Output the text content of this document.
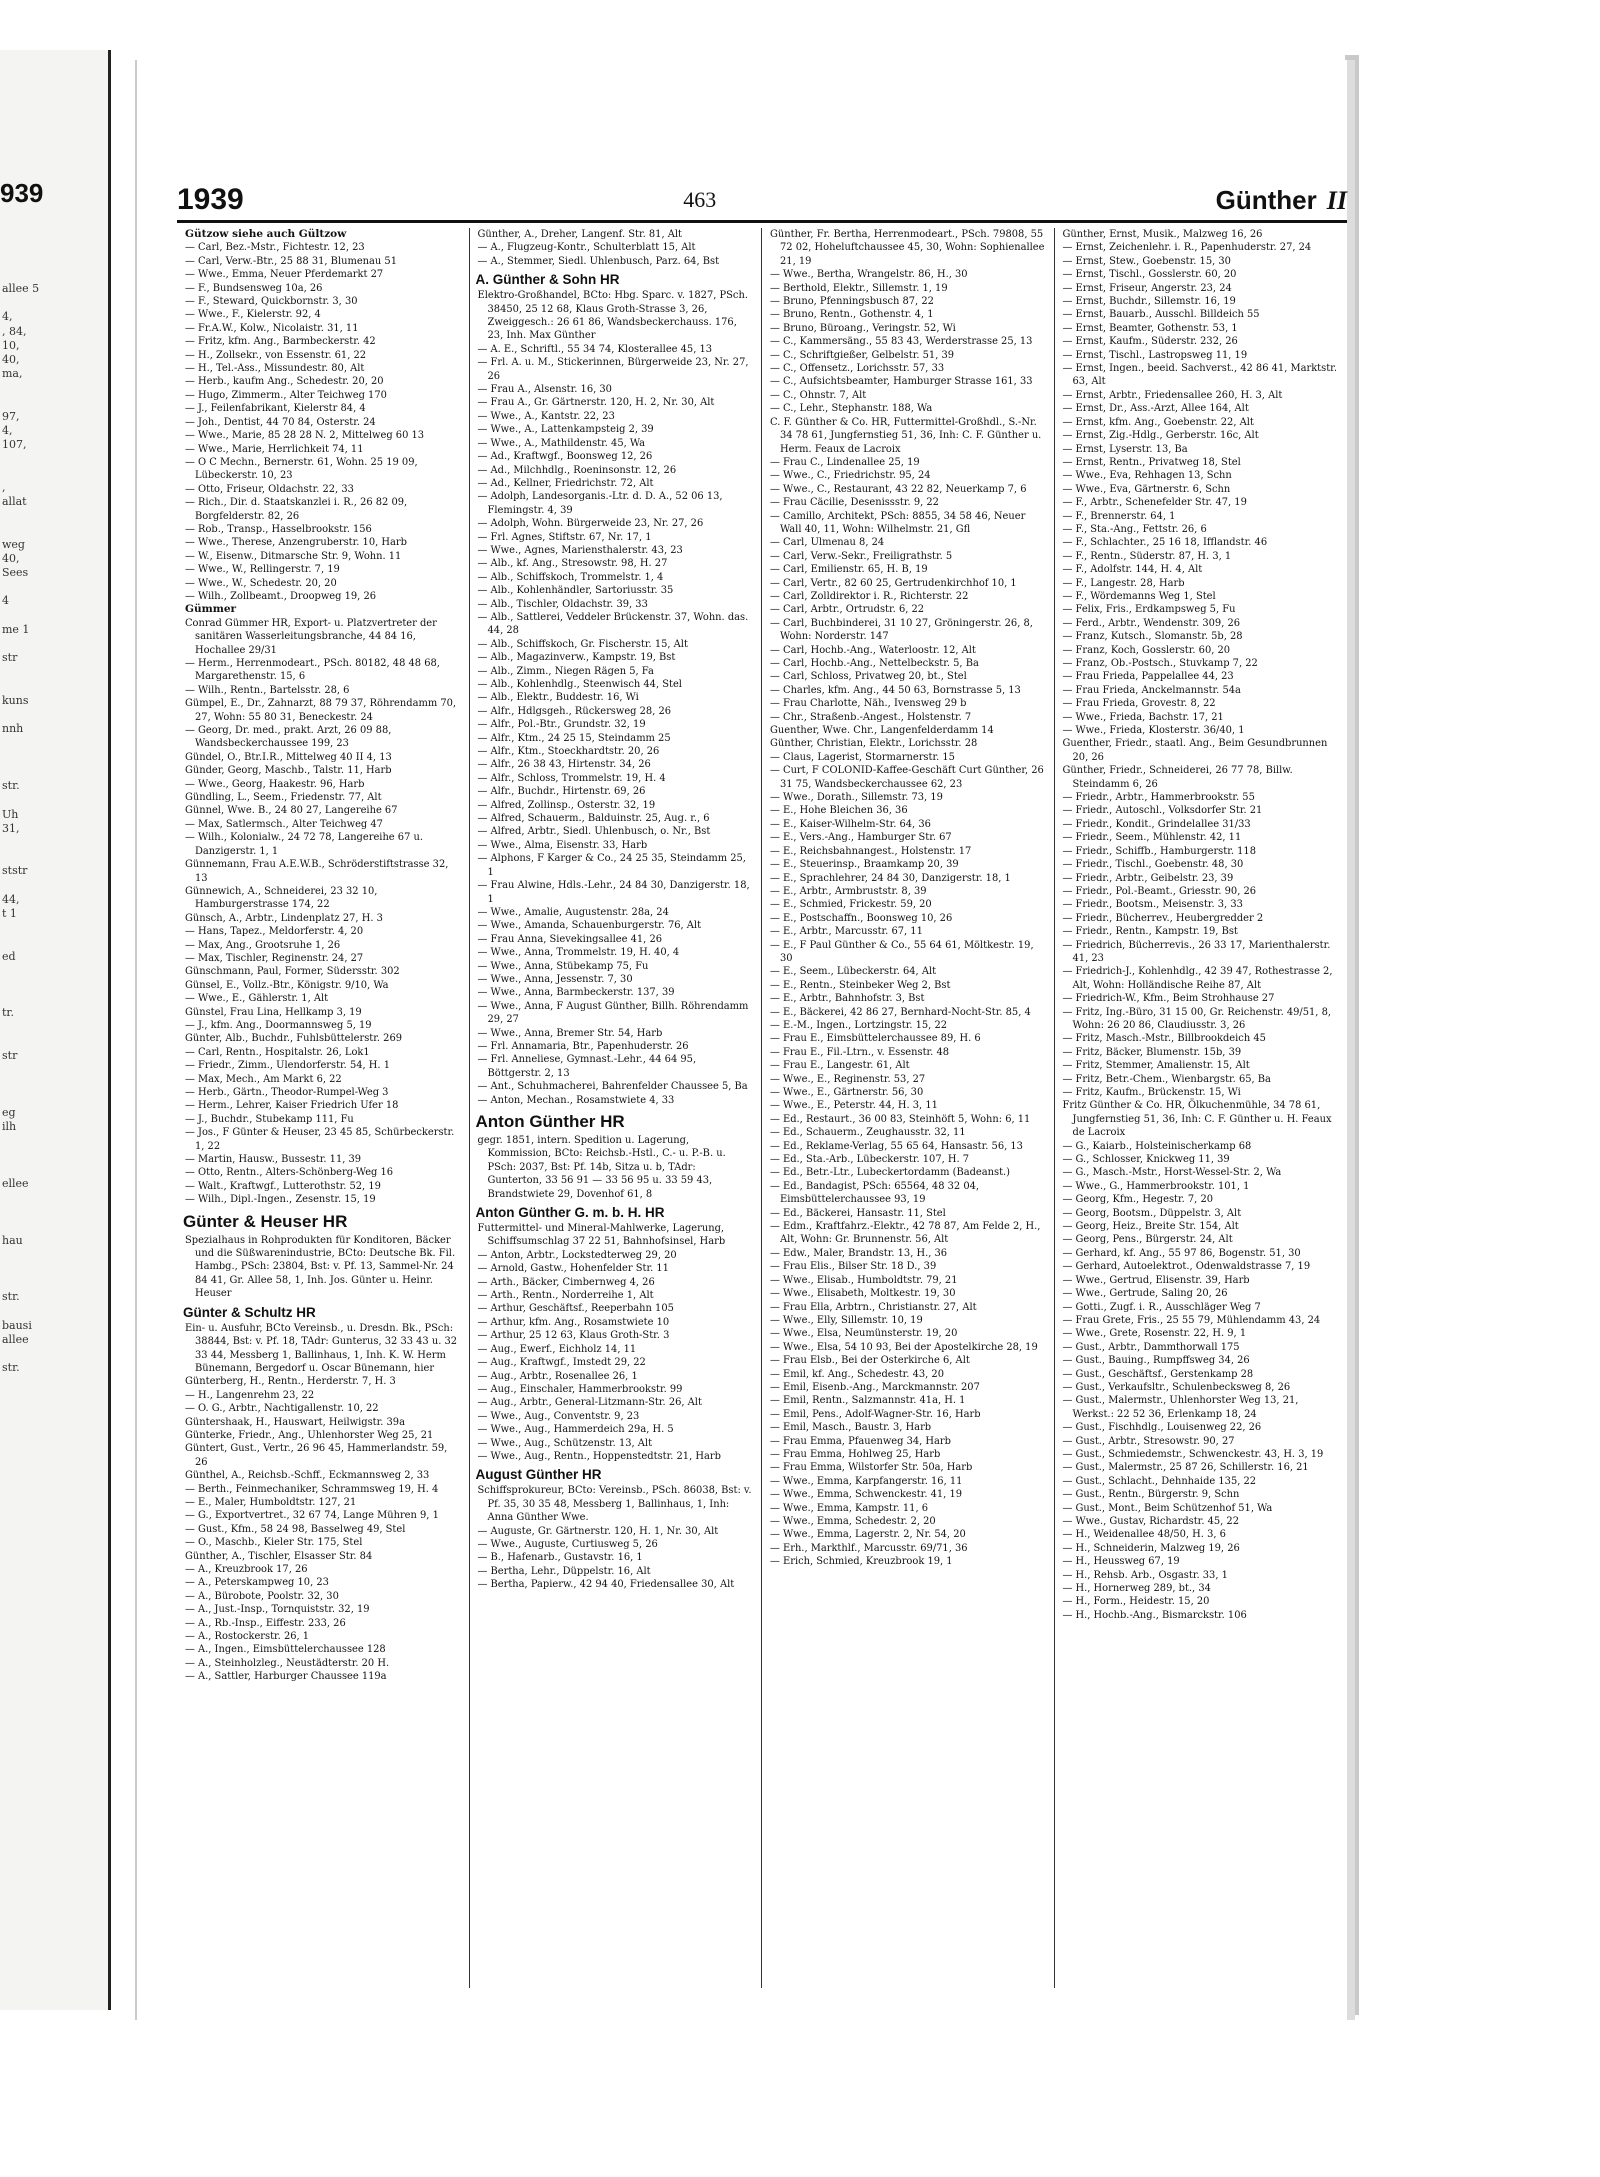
939
allee 5

4,
, 84,
10,
40,
ma,

97,
4,
107,

,
allat

weg
40,
Sees

4

me 1

str

kuns

nnh

str.

Uh
31,

ststr

44,
t 1

ed

tr.

str

eg
ilh

ellee

hau

str.

bausi
allee

str.
1939	463	Günther II

Gützow siehe auch Gültzow

— Carl, Bez.-Mstr., Fichtestr. 12, 23

— Carl, Verw.-Btr., 25 88 31, Blumenau 51

— Wwe., Emma, Neuer Pferdemarkt 27

— F., Bundsensweg 10a, 26

— F., Steward, Quickbornstr. 3, 30

— Wwe., F., Kielerstr. 92, 4

— Fr.A.W., Kolw., Nicolaistr. 31, 11

— Fritz, kfm. Ang., Barmbeckerstr. 42

— H., Zollsekr., von Essenstr. 61, 22

— H., Tel.-Ass., Missundestr. 80, Alt

— Herb., kaufm Ang., Schedestr. 20, 20

— Hugo, Zimmerm., Alter Teichweg 170

— J., Feilenfabrikant, Kielerstr 84, 4

— Joh., Dentist, 44 70 84, Osterstr. 24

— Wwe., Marie, 85 28 28 N. 2, Mittelweg 60 13

— Wwe., Marie, Herrlichkeit 74, 11

— O C Mechn., Bernerstr. 61, Wohn. 25 19 09, Lübeckerstr. 10, 23

— Otto, Friseur, Oldachstr. 22, 33

— Rich., Dir. d. Staatskanzlei i. R., 26 82 09, Borgfelderstr. 82, 26

— Rob., Transp., Hasselbrookstr. 156

— Wwe., Therese, Anzengruberstr. 10, Harb

— W., Eisenw., Ditmarsche Str. 9, Wohn. 11

— Wwe., W., Rellingerstr. 7, 19

— Wwe., W., Schedestr. 20, 20

— Wilh., Zollbeamt., Droopweg 19, 26

Gümmer

Conrad Gümmer HR, Export- u. Platzvertreter der sanitären Wasserleitungsbranche, 44 84 16, Hochallee 29/31

— Herm., Herrenmodeart., PSch. 80182, 48 48 68, Margarethenstr. 15, 6

— Wilh., Rentn., Bartelsstr. 28, 6

Gümpel, E., Dr., Zahnarzt, 88 79 37, Röhrendamm 70, 27, Wohn: 55 80 31, Beneckestr. 24

— Georg, Dr. med., prakt. Arzt, 26 09 88, Wandsbeckerchaussee 199, 23

Gündel, O., Btr.I.R., Mittelweg 40 II 4, 13

Günder, Georg, Maschb., Talstr. 11, Harb

— Wwe., Georg, Haakestr. 96, Harb

Gündling, L., Seem., Friedenstr. 77, Alt

Günnel, Wwe. B., 24 80 27, Langereihe 67

— Max, Satlermsch., Alter Teichweg 47

— Wilh., Kolonialw., 24 72 78, Langereihe 67 u. Danzigerstr. 1, 1

Günnemann, Frau A.E.W.B., Schröderstiftstrasse 32, 13

Günnewich, A., Schneiderei, 23 32 10, Hamburgerstrasse 174, 22

Günsch, A., Arbtr., Lindenplatz 27, H. 3

— Hans, Tapez., Meldorferstr. 4, 20

— Max, Ang., Grootsruhe 1, 26

— Max, Tischler, Reginenstr. 24, 27

Günschmann, Paul, Former, Südersstr. 302

Günsel, E., Vollz.-Btr., Königstr. 9/10, Wa

— Wwe., E., Gählerstr. 1, Alt

Günstel, Frau Lina, Hellkamp 3, 19

— J., kfm. Ang., Doormannsweg 5, 19

Günter, Alb., Buchdr., Fuhlsbüttelerstr. 269

— Carl, Rentn., Hospitalstr. 26, Lok1

— Friedr., Zimm., Ulendorferstr. 54, H. 1

— Max, Mech., Am Markt 6, 22

— Herb., Gärtn., Theodor-Rumpel-Weg 3

— Herm., Lehrer, Kaiser Friedrich Ufer 18

— J., Buchdr., Stubekamp 111, Fu

— Jos., F Günter & Heuser, 23 45 85, Schürbeckerstr. 1, 22

— Martin, Hausw., Bussestr. 11, 39

— Otto, Rentn., Alters-Schönberg-Weg 16

— Walt., Kraftwgf., Lutterothstr. 52, 19

— Wilh., Dipl.-Ingen., Zesenstr. 15, 19

Günter & Heuser HR

Spezialhaus in Rohprodukten für Konditoren, Bäcker und die Süßwarenindustrie, BCto: Deutsche Bk. Fil. Hambg., PSch: 23804, Bst: v. Pf. 13, Sammel-Nr. 24 84 41, Gr. Allee 58, 1, Inh. Jos. Günter u. Heinr. Heuser

Günter & Schultz HR

Ein- u. Ausfuhr, BCto Vereinsb., u. Dresdn. Bk., PSch: 38844, Bst: v. Pf. 18, TAdr: Gunterus, 32 33 43 u. 32 33 44, Messberg 1, Ballinhaus, 1, Inh. K. W. Herm Bünemann, Bergedorf u. Oscar Bünemann, hier

Günterberg, H., Rentn., Herderstr. 7, H. 3

— H., Langenrehm 23, 22

— O. G., Arbtr., Nachtigallenstr. 10, 22

Güntershaak, H., Hauswart, Heilwigstr. 39a

Günterke, Friedr., Ang., Uhlenhorster Weg 25, 21

Güntert, Gust., Vertr., 26 96 45, Hammerlandstr. 59, 26

Günthel, A., Reichsb.-Schff., Eckmannsweg 2, 33

— Berth., Feinmechaniker, Schrammsweg 19, H. 4

— E., Maler, Humboldtstr. 127, 21

— G., Exportvertret., 32 67 74, Lange Mühren 9, 1

— Gust., Kfm., 58 24 98, Basselweg 49, Stel

— O., Maschb., Kieler Str. 175, Stel

Günther, A., Tischler, Elsasser Str. 84

— A., Kreuzbrook 17, 26

— A., Peterskampweg 10, 23

— A., Bürobote, Poolstr. 32, 30

— A., Just.-Insp., Tornquiststr. 32, 19

— A., Rb.-Insp., Eiffestr. 233, 26

— A., Rostockerstr. 26, 1

— A., Ingen., Eimsbüttelerchaussee 128

— A., Steinholzleg., Neustädterstr. 20 H.

— A., Sattler, Harburger Chaussee 119a

Günther, A., Dreher, Langenf. Str. 81, Alt

— A., Flugzeug-Kontr., Schulterblatt 15, Alt

— A., Stemmer, Siedl. Uhlenbusch, Parz. 64, Bst

A. Günther & Sohn HR

Elektro-Großhandel, BCto: Hbg. Sparc. v. 1827, PSch. 38450, 25 12 68, Klaus Groth-Strasse 3, 26, Zweiggesch.: 26 61 86, Wandsbeckerchauss. 176, 23, Inh. Max Günther

— A. E., Schriftl., 55 34 74, Klosterallee 45, 13

— Frl. A. u. M., Stickerinnen, Bürgerweide 23, Nr. 27, 26

— Frau A., Alsenstr. 16, 30

— Frau A., Gr. Gärtnerstr. 120, H. 2, Nr. 30, Alt

— Wwe., A., Kantstr. 22, 23

— Wwe., A., Lattenkampsteig 2, 39

— Wwe., A., Mathildenstr. 45, Wa

— Ad., Kraftwgf., Boonsweg 12, 26

— Ad., Milchhdlg., Roeninsonstr. 12, 26

— Ad., Kellner, Friedrichstr. 72, Alt

— Adolph, Landesorganis.-Ltr. d. D. A., 52 06 13, Flemingstr. 4, 39

— Adolph, Wohn. Bürgerweide 23, Nr. 27, 26

— Frl. Agnes, Stiftstr. 67, Nr. 17, 1

— Wwe., Agnes, Mariensthalerstr. 43, 23

— Alb., kf. Ang., Stresowstr. 98, H. 27

— Alb., Schiffskoch, Trommelstr. 1, 4

— Alb., Kohlenhändler, Sartoriusstr. 35

— Alb., Tischler, Oldachstr. 39, 33

— Alb., Sattlerei, Veddeler Brückenstr. 37, Wohn. das. 44, 28

— Alb., Schiffskoch, Gr. Fischerstr. 15, Alt

— Alb., Magazinverw., Kampstr. 19, Bst

— Alb., Zimm., Niegen Rägen 5, Fa

— Alb., Kohlenhdlg., Steenwisch 44, Stel

— Alb., Elektr., Buddestr. 16, Wi

— Alfr., Hdlgsgeh., Rückersweg 28, 26

— Alfr., Pol.-Btr., Grundstr. 32, 19

— Alfr., Ktm., 24 25 15, Steindamm 25

— Alfr., Ktm., Stoeckhardtstr. 20, 26

— Alfr., 26 38 43, Hirtenstr. 34, 26

— Alfr., Schloss, Trommelstr. 19, H. 4

— Alfr., Buchdr., Hirtenstr. 69, 26

— Alfred, Zollinsp., Osterstr. 32, 19

— Alfred, Schauerm., Balduinstr. 25, Aug. r., 6

— Alfred, Arbtr., Siedl. Uhlenbusch, o. Nr., Bst

— Wwe., Alma, Eisenstr. 33, Harb

— Alphons, F Karger & Co., 24 25 35, Steindamm 25, 1

— Frau Alwine, Hdls.-Lehr., 24 84 30, Danzigerstr. 18, 1

— Wwe., Amalie, Augustenstr. 28a, 24

— Wwe., Amanda, Schauenburgerstr. 76, Alt

— Frau Anna, Sievekingsallee 41, 26

— Wwe., Anna, Trommelstr. 19, H. 40, 4

— Wwe., Anna, Stübekamp 75, Fu

— Wwe., Anna, Jessenstr. 7, 30

— Wwe., Anna, Barmbeckerstr. 137, 39

— Wwe., Anna, F August Günther, Billh. Röhrendamm 29, 27

— Wwe., Anna, Bremer Str. 54, Harb

— Frl. Annamaria, Btr., Papenhuderstr. 26

— Frl. Anneliese, Gymnast.-Lehr., 44 64 95, Böttgerstr. 2, 13

— Ant., Schuhmacherei, Bahrenfelder Chaussee 5, Ba

— Anton, Mechan., Rosamstwiete 4, 33

Anton Günther HR

gegr. 1851, intern. Spedition u. Lagerung, Kommission, BCto: Reichsb.-Hstl., C.- u. P.-B. u. PSch: 2037, Bst: Pf. 14b, Sitza u. b, TAdr: Gunterton, 33 56 91 — 33 56 95 u. 33 59 43, Brandstwiete 29, Dovenhof 61, 8

Anton Günther G. m. b. H. HR

Futtermittel- und Mineral-Mahlwerke, Lagerung, Schiffsumschlag 37 22 51, Bahnhofsinsel, Harb

— Anton, Arbtr., Lockstedterweg 29, 20

— Arnold, Gastw., Hohenfelder Str. 11

— Arth., Bäcker, Cimbernweg 4, 26

— Arth., Rentn., Norderreihe 1, Alt

— Arthur, Geschäftsf., Reeperbahn 105

— Arthur, kfm. Ang., Rosamstwiete 10

— Arthur, 25 12 63, Klaus Groth-Str. 3

— Aug., Ewerf., Eichholz 14, 11

— Aug., Kraftwgf., Imstedt 29, 22

— Aug., Arbtr., Rosenallee 26, 1

— Aug., Einschaler, Hammerbrookstr. 99

— Aug., Arbtr., General-Litzmann-Str. 26, Alt

— Wwe., Aug., Conventstr. 9, 23

— Wwe., Aug., Hammerdeich 29a, H. 5

— Wwe., Aug., Schützenstr. 13, Alt

— Wwe., Aug., Rentn., Hoppenstedtstr. 21, Harb

August Günther HR

Schiffsprokureur, BCto: Vereinsb., PSch. 86038, Bst: v. Pf. 35, 30 35 48, Messberg 1, Ballinhaus, 1, Inh: Anna Günther Wwe.

— Auguste, Gr. Gärtnerstr. 120, H. 1, Nr. 30, Alt

— Wwe., Auguste, Curtiusweg 5, 26

— B., Hafenarb., Gustavstr. 16, 1

— Bertha, Lehr., Düppelstr. 16, Alt

— Bertha, Papierw., 42 94 40, Friedensallee 30, Alt

Günther, Fr. Bertha, Herrenmodeart., PSch. 79808, 55 72 02, Hoheluftchaussee 45, 30, Wohn: Sophienallee 21, 19

— Wwe., Bertha, Wrangelstr. 86, H., 30

— Berthold, Elektr., Sillemstr. 1, 19

— Bruno, Pfenningsbusch 87, 22

— Bruno, Rentn., Gothenstr. 4, 1

— Bruno, Büroang., Veringstr. 52, Wi

— C., Kammersäng., 55 83 43, Werderstrasse 25, 13

— C., Schriftgießer, Gelbelstr. 51, 39

— C., Offensetz., Lorichsstr. 57, 33

— C., Aufsichtsbeamter, Hamburger Strasse 161, 33

— C., Ohnstr. 7, Alt

— C., Lehr., Stephanstr. 188, Wa

C. F. Günther & Co. HR, Futtermittel-Großhdl., S.-Nr. 34 78 61, Jungfernstieg 51, 36, Inh: C. F. Günther u. Herm. Feaux de Lacroix

— Frau C., Lindenallee 25, 19

— Wwe., C., Friedrichstr. 95, 24

— Wwe., C., Restaurant, 43 22 82, Neuerkamp 7, 6

— Frau Cäcilie, Desenissstr. 9, 22

— Camillo, Architekt, PSch: 8855, 34 58 46, Neuer Wall 40, 11, Wohn: Wilhelmstr. 21, Gfl

— Carl, Ulmenau 8, 24

— Carl, Verw.-Sekr., Freiligrathstr. 5

— Carl, Emilienstr. 65, H. B, 19

— Carl, Vertr., 82 60 25, Gertrudenkirchhof 10, 1

— Carl, Zolldirektor i. R., Richterstr. 22

— Carl, Arbtr., Ortrudstr. 6, 22

— Carl, Buchbinderei, 31 10 27, Gröningerstr. 26, 8, Wohn: Norderstr. 147

— Carl, Hochb.-Ang., Waterloostr. 12, Alt

— Carl, Hochb.-Ang., Nettelbeckstr. 5, Ba

— Carl, Schloss, Privatweg 20, bt., Stel

— Charles, kfm. Ang., 44 50 63, Bornstrasse 5, 13

— Frau Charlotte, Näh., Ivensweg 29 b

— Chr., Straßenb.-Angest., Holstenstr. 7

Guenther, Wwe. Chr., Langenfelderdamm 14

Günther, Christian, Elektr., Lorichsstr. 28

— Claus, Lagerist, Stormarnerstr. 15

— Curt, F COLONID-Kaffee-Geschäft Curt Günther, 26 31 75, Wandsbeckerchaussee 62, 23

— Wwe., Dorath., Sillemstr. 73, 19

— E., Hohe Bleichen 36, 36

— E., Kaiser-Wilhelm-Str. 64, 36

— E., Vers.-Ang., Hamburger Str. 67

— E., Reichsbahnangest., Holstenstr. 17

— E., Steuerinsp., Braamkamp 20, 39

— E., Sprachlehrer, 24 84 30, Danzigerstr. 18, 1

— E., Arbtr., Armbruststr. 8, 39

— E., Schmied, Frickestr. 59, 20

— E., Postschaffn., Boonsweg 10, 26

— E., Arbtr., Marcusstr. 67, 11

— E., F Paul Günther & Co., 55 64 61, Möltkestr. 19, 30

— E., Seem., Lübeckerstr. 64, Alt

— E., Rentn., Steinbeker Weg 2, Bst

— E., Arbtr., Bahnhofstr. 3, Bst

— E., Bäckerei, 42 86 27, Bernhard-Nocht-Str. 85, 4

— E.-M., Ingen., Lortzingstr. 15, 22

— Frau E., Eimsbüttelerchaussee 89, H. 6

— Frau E., Fil.-Ltrn., v. Essenstr. 48

— Frau E., Langestr. 61, Alt

— Wwe., E., Reginenstr. 53, 27

— Wwe., E., Gärtnerstr. 56, 30

— Wwe., E., Peterstr. 44, H. 3, 11

— Ed., Restaurt., 36 00 83, Steinhöft 5, Wohn: 6, 11

— Ed., Schauerm., Zeughausstr. 32, 11

— Ed., Reklame-Verlag, 55 65 64, Hansastr. 56, 13

— Ed., Sta.-Arb., Lübeckerstr. 107, H. 7

— Ed., Betr.-Ltr., Lubeckertordamm (Badeanst.)

— Ed., Bandagist, PSch: 65564, 48 32 04, Eimsbüttelerchaussee 93, 19

— Ed., Bäckerei, Hansastr. 11, Stel

— Edm., Kraftfahrz.-Elektr., 42 78 87, Am Felde 2, H., Alt, Wohn: Gr. Brunnenstr. 56, Alt

— Edw., Maler, Brandstr. 13, H., 36

— Frau Elis., Bilser Str. 18 D., 39

— Wwe., Elisab., Humboldtstr. 79, 21

— Wwe., Elisabeth, Moltkestr. 19, 30

— Frau Ella, Arbtrn., Christianstr. 27, Alt

— Wwe., Elly, Sillemstr. 10, 19

— Wwe., Elsa, Neumünsterstr. 19, 20

— Wwe., Elsa, 54 10 93, Bei der Apostelkirche 28, 19

— Frau Elsb., Bei der Osterkirche 6, Alt

— Emil, kf. Ang., Schedestr. 43, 20

— Emil, Eisenb.-Ang., Marckmannstr. 207

— Emil, Rentn., Salzmannstr. 41a, H. 1

— Emil, Pens., Adolf-Wagner-Str. 16, Harb

— Emil, Masch., Baustr. 3, Harb

— Frau Emma, Pfauenweg 34, Harb

— Frau Emma, Hohlweg 25, Harb

— Frau Emma, Wilstorfer Str. 50a, Harb

— Wwe., Emma, Karpfangerstr. 16, 11

— Wwe., Emma, Schwenckestr. 41, 19

— Wwe., Emma, Kampstr. 11, 6

— Wwe., Emma, Schedestr. 2, 20

— Wwe., Emma, Lagerstr. 2, Nr. 54, 20

— Erh., Markthlf., Marcusstr. 69/71, 36

— Erich, Schmied, Kreuzbrook 19, 1

Günther, Ernst, Musik., Malzweg 16, 26

— Ernst, Zeichenlehr. i. R., Papenhuderstr. 27, 24

— Ernst, Stew., Goebenstr. 15, 30

— Ernst, Tischl., Gosslerstr. 60, 20

— Ernst, Friseur, Angerstr. 23, 24

— Ernst, Buchdr., Sillemstr. 16, 19

— Ernst, Bauarb., Ausschl. Billdeich 55

— Ernst, Beamter, Gothenstr. 53, 1

— Ernst, Kaufm., Süderstr. 232, 26

— Ernst, Tischl., Lastropsweg 11, 19

— Ernst, Ingen., beeid. Sachverst., 42 86 41, Marktstr. 63, Alt

— Ernst, Arbtr., Friedensallee 260, H. 3, Alt

— Ernst, Dr., Ass.-Arzt, Allee 164, Alt

— Ernst, kfm. Ang., Goebenstr. 22, Alt

— Ernst, Zig.-Hdlg., Gerberstr. 16c, Alt

— Ernst, Lyserstr. 13, Ba

— Ernst, Rentn., Privatweg 18, Stel

— Wwe., Eva, Rehhagen 13, Schn

— Wwe., Eva, Gärtnerstr. 6, Schn

— F., Arbtr., Schenefelder Str. 47, 19

— F., Brennerstr. 64, 1

— F., Sta.-Ang., Fettstr. 26, 6

— F., Schlachter., 25 16 18, Ifflandstr. 46

— F., Rentn., Süderstr. 87, H. 3, 1

— F., Adolfstr. 144, H. 4, Alt

— F., Langestr. 28, Harb

— F., Wördemanns Weg 1, Stel

— Felix, Fris., Erdkampsweg 5, Fu

— Ferd., Arbtr., Wendenstr. 309, 26

— Franz, Kutsch., Slomanstr. 5b, 28

— Franz, Koch, Gosslerstr. 60, 20

— Franz, Ob.-Postsch., Stuvkamp 7, 22

— Frau Frieda, Pappelallee 44, 23

— Frau Frieda, Anckelmannstr. 54a

— Frau Frieda, Grovestr. 8, 22

— Wwe., Frieda, Bachstr. 17, 21

— Wwe., Frieda, Klosterstr. 36/40, 1

Guenther, Friedr., staatl. Ang., Beim Gesundbrunnen 20, 26

Günther, Friedr., Schneiderei, 26 77 78, Billw. Steindamm 6, 26

— Friedr., Arbtr., Hammerbrookstr. 55

— Friedr., Autoschl., Volksdorfer Str. 21

— Friedr., Kondit., Grindelallee 31/33

— Friedr., Seem., Mühlenstr. 42, 11

— Friedr., Schiffb., Hamburgerstr. 118

— Friedr., Tischl., Goebenstr. 48, 30

— Friedr., Arbtr., Geibelstr. 23, 39

— Friedr., Pol.-Beamt., Griesstr. 90, 26

— Friedr., Bootsm., Meisenstr. 3, 33

— Friedr., Bücherrev., Heubergredder 2

— Friedr., Rentn., Kampstr. 19, Bst

— Friedrich, Bücherrevis., 26 33 17, Marienthalerstr. 41, 23

— Friedrich-J., Kohlenhdlg., 42 39 47, Rothestrasse 2, Alt, Wohn: Holländische Reihe 87, Alt

— Friedrich-W., Kfm., Beim Strohhause 27

— Fritz, Ing.-Büro, 31 15 00, Gr. Reichenstr. 49/51, 8, Wohn: 26 20 86, Claudiusstr. 3, 26

— Fritz, Masch.-Mstr., Billbrookdeich 45

— Fritz, Bäcker, Blumenstr. 15b, 39

— Fritz, Stemmer, Amalienstr. 15, Alt

— Fritz, Betr.-Chem., Wienbargstr. 65, Ba

— Fritz, Kaufm., Brückenstr. 15, Wi

Fritz Günther & Co. HR, Ölkuchenmühle, 34 78 61, Jungfernstieg 51, 36, Inh: C. F. Günther u. H. Feaux de Lacroix

— G., Kaiarb., Holsteinischerkamp 68

— G., Schlosser, Knickweg 11, 39

— G., Masch.-Mstr., Horst-Wessel-Str. 2, Wa

— Wwe., G., Hammerbrookstr. 101, 1

— Georg, Kfm., Hegestr. 7, 20

— Georg, Bootsm., Düppelstr. 3, Alt

— Georg, Heiz., Breite Str. 154, Alt

— Georg, Pens., Bürgerstr. 24, Alt

— Gerhard, kf. Ang., 55 97 86, Bogenstr. 51, 30

— Gerhard, Autoelektrot., Odenwaldstrasse 7, 19

— Wwe., Gertrud, Elisenstr. 39, Harb

— Wwe., Gertrude, Saling 20, 26

— Gotti., Zugf. i. R., Ausschläger Weg 7

— Frau Grete, Fris., 25 55 79, Mühlendamm 43, 24

— Wwe., Grete, Rosenstr. 22, H. 9, 1

— Gust., Arbtr., Dammthorwall 175

— Gust., Bauing., Rumpffsweg 34, 26

— Gust., Geschäftsf., Gerstenkamp 28

— Gust., Verkaufsltr., Schulenbecksweg 8, 26

— Gust., Malermstr., Uhlenhorster Weg 13, 21, Werkst.: 22 52 36, Erlenkamp 18, 24

— Gust., Fischhdlg., Louisenweg 22, 26

— Gust., Arbtr., Stresowstr. 90, 27

— Gust., Schmiedemstr., Schwenckestr. 43, H. 3, 19

— Gust., Malermstr., 25 87 26, Schillerstr. 16, 21

— Gust., Schlacht., Dehnhaide 135, 22

— Gust., Rentn., Bürgerstr. 9, Schn

— Gust., Mont., Beim Schützenhof 51, Wa

— Wwe., Gustav, Richardstr. 45, 22

— H., Weidenallee 48/50, H. 3, 6

— H., Schneiderin, Malzweg 19, 26

— H., Heussweg 67, 19

— H., Rehsb. Arb., Osgastr. 33, 1

— H., Hornerweg 289, bt., 34

— H., Form., Heidestr. 15, 20

— H., Hochb.-Ang., Bismarckstr. 106
